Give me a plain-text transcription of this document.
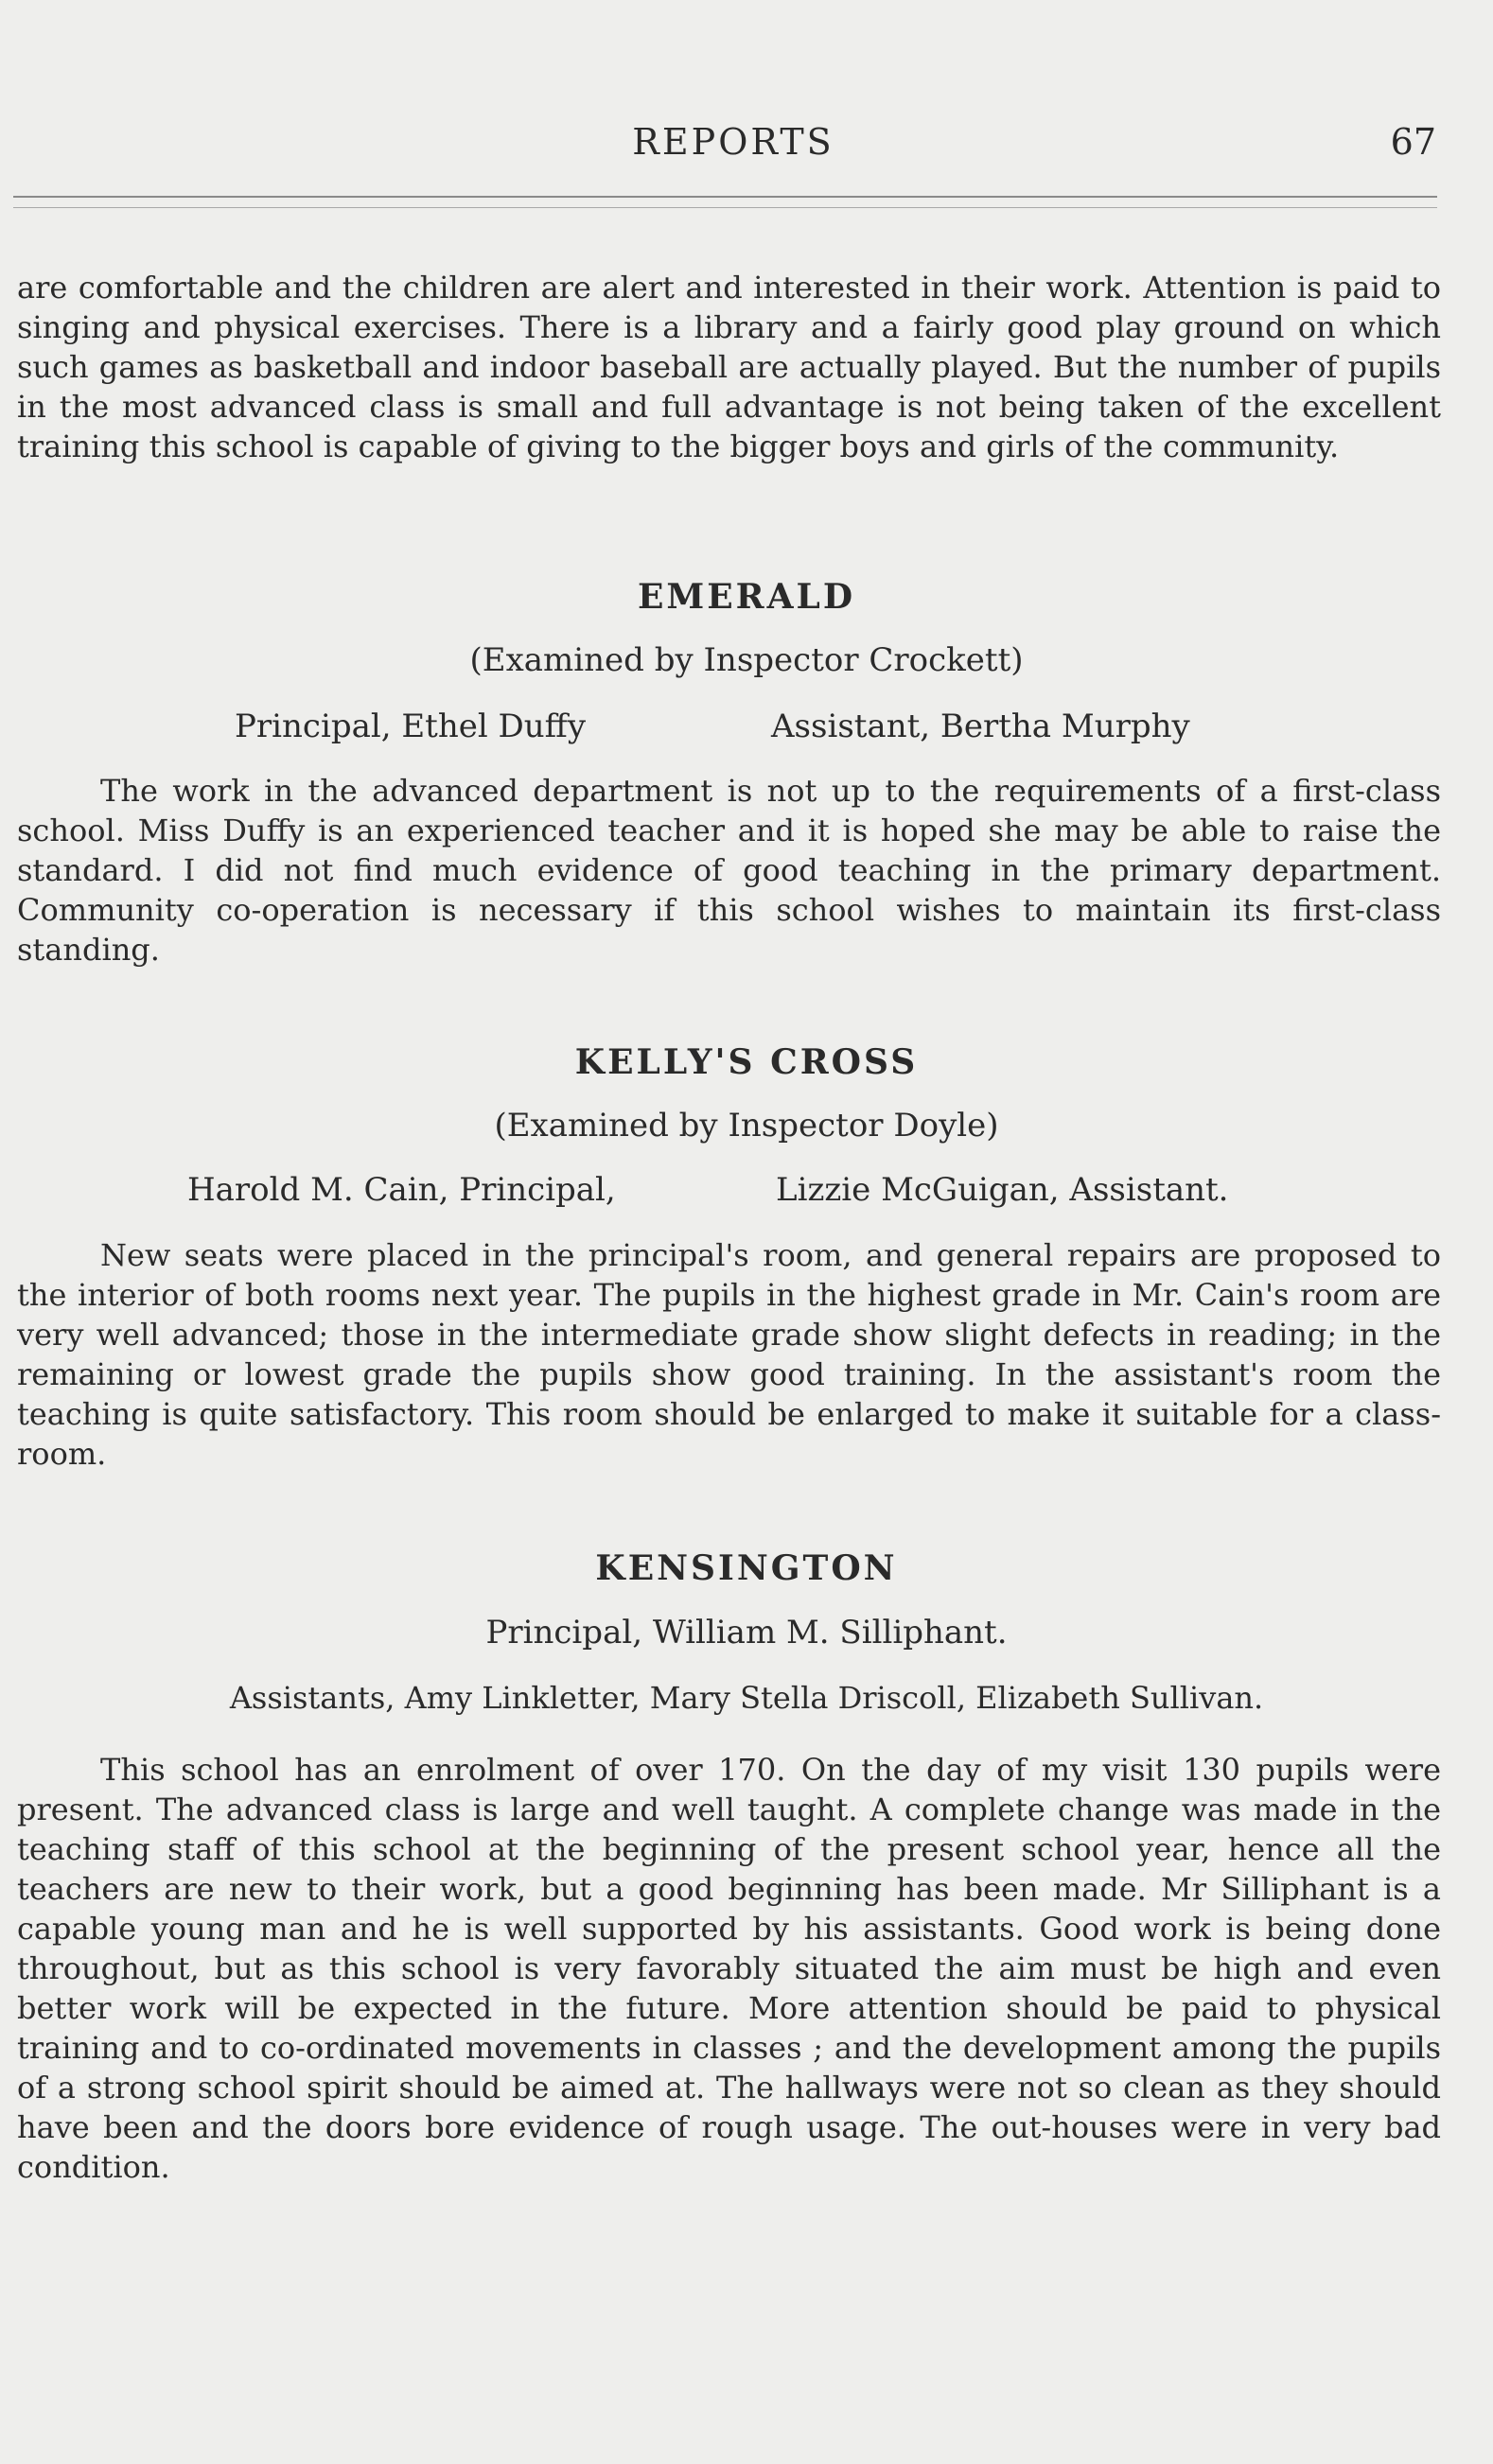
REPORTS	67

are comfortable and the children are alert and interested in their work. Attention is paid to singing and physical exercises. There is a library and a fairly good play ground on which such games as basketball and indoor baseball are actually played. But the number of pupils in the most advanced class is small and full advantage is not being taken of the excellent training this school is capable of giving to the bigger boys and girls of the community.

EMERALD

(Examined by Inspector Crockett)

Principal, Ethel Duffy	Assistant, Bertha Murphy

The work in the advanced department is not up to the requirements of a first-class school. Miss Duffy is an experienced teacher and it is hoped she may be able to raise the standard. I did not find much evidence of good teaching in the primary department. Community co-operation is necessary if this school wishes to maintain its first-class standing.

KELLY'S CROSS

(Examined by Inspector Doyle)

Harold M. Cain, Principal,	Lizzie McGuigan, Assistant.

New seats were placed in the principal's room, and general repairs are proposed to the interior of both rooms next year. The pupils in the highest grade in Mr. Cain's room are very well advanced; those in the intermediate grade show slight defects in reading; in the remaining or lowest grade the pupils show good training. In the assistant's room the teaching is quite satisfactory. This room should be enlarged to make it suitable for a class-room.

KENSINGTON

Principal, William M. Silliphant.

Assistants, Amy Linkletter, Mary Stella Driscoll, Elizabeth Sullivan.

This school has an enrolment of over 170. On the day of my visit 130 pupils were present. The advanced class is large and well taught. A complete change was made in the teaching staff of this school at the beginning of the present school year, hence all the teachers are new to their work, but a good beginning has been made. Mr Silliphant is a capable young man and he is well supported by his assistants. Good work is being done throughout, but as this school is very favorably situated the aim must be high and even better work will be expected in the future. More attention should be paid to physical training and to co-ordinated movements in classes ; and the development among the pupils of a strong school spirit should be aimed at. The hallways were not so clean as they should have been and the doors bore evidence of rough usage. The out-houses were in very bad condition.
